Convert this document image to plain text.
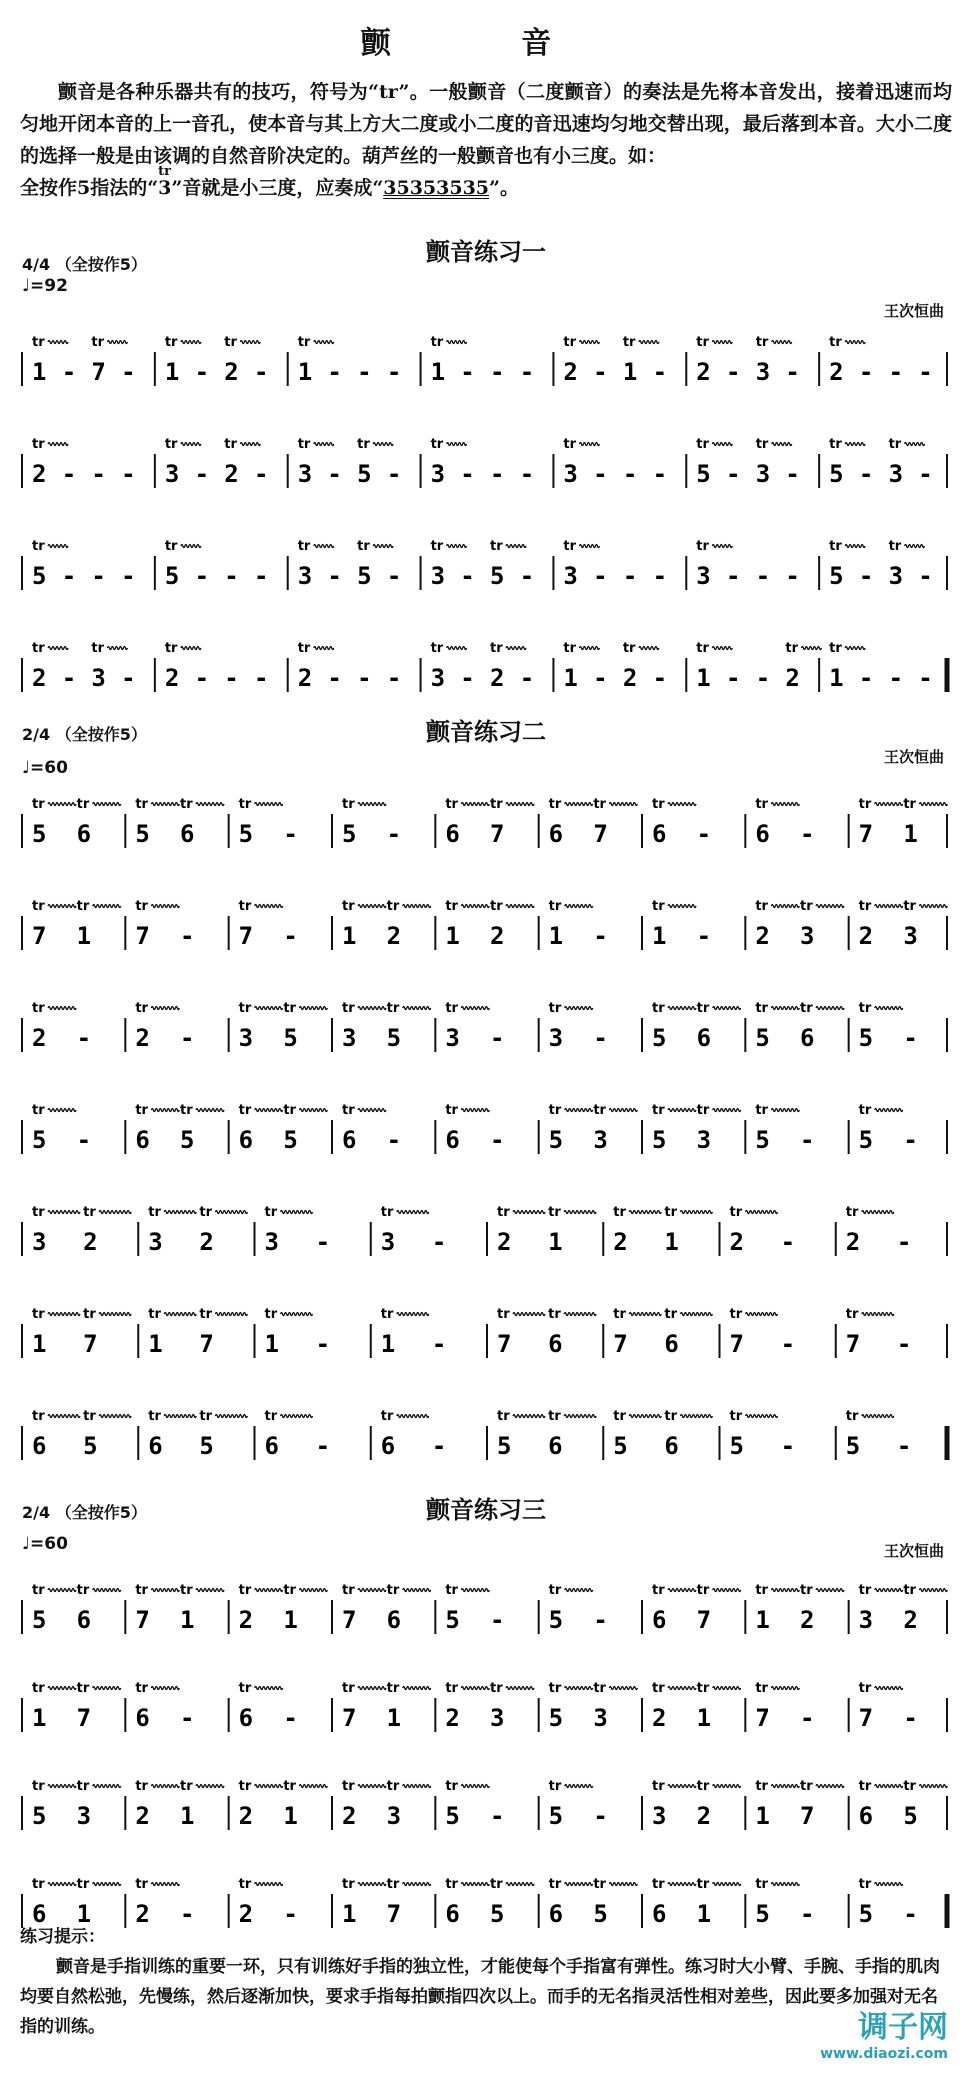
颤 音

颤音是各种乐器共有的技巧，符号为“tr”。一般颤音（二度颤音）的奏法是先将本音发出，接着迅速而均匀地开闭本音的上一音孔，使本音与其上方大二度或小二度的音迅速均匀地交替出现，最后落到本音。大小二度的选择一般是由该调的自然音阶决定的。葫芦丝的一般颤音也有小三度。如：

全按作5指法的“
tr
3”音就是小三度，应奏成“35353535”。

颤音练习一
4/4 （全按作5）
♩=92
王次恒曲
tr
1 -
tr
7 -
tr
1 -
tr
2 -
tr
1 - - -
tr
1 - - -
tr
2 -
tr
1 -
tr
2 -
tr
3 -
tr
2 - - -
tr
2 - - -
tr
3 -
tr
2 -
tr
3 -
tr
5 -
tr
3 - - -
tr
3 - - -
tr
5 -
tr
3 -
tr
5 -
tr
3 -
tr
5 - - -
tr
5 - - -
tr
3 -
tr
5 -
tr
3 -
tr
5 -
tr
3 - - -
tr
3 - - -
tr
5 -
tr
3 -
tr
2 -
tr
3 -
tr
2 - - -
tr
2 - - -
tr
3 -
tr
2 -
tr
1 -
tr
2 -
tr
1 - -
tr
2
tr
1 - - -
颤音练习二
2/4 （全按作5）
♩=60
王次恒曲
tr
5
tr
6
tr
5
tr
6
tr
5 -
tr
5 -
tr
6
tr
7
tr
6
tr
7
tr
6 -
tr
6 -
tr
7
tr
1
tr
7
tr
1
tr
7 -
tr
7 -
tr
1
tr
2
tr
1
tr
2
tr
1 -
tr
1 -
tr
2
tr
3
tr
2
tr
3
tr
2 -
tr
2 -
tr
3
tr
5
tr
3
tr
5
tr
3 -
tr
3 -
tr
5
tr
6
tr
5
tr
6
tr
5 -
tr
5 -
tr
6
tr
5
tr
6
tr
5
tr
6 -
tr
6 -
tr
5
tr
3
tr
5
tr
3
tr
5 -
tr
5 -
tr
3
tr
2
tr
3
tr
2
tr
3 -
tr
3 -
tr
2
tr
1
tr
2
tr
1
tr
2 -
tr
2 -
tr
1
tr
7
tr
1
tr
7
tr
1 -
tr
1 -
tr
7
tr
6
tr
7
tr
6
tr
7 -
tr
7 -
tr
6
tr
5
tr
6
tr
5
tr
6 -
tr
6 -
tr
5
tr
6
tr
5
tr
6
tr
5 -
tr
5 -
颤音练习三
2/4 （全按作5）
♩=60	王次恒曲
tr
5
tr
6
tr
7
tr
1
tr
2
tr
1
tr
7
tr
6
tr
5 -
tr
5 -
tr
6
tr
7
tr
1
tr
2
tr
3
tr
2
tr
1
tr
7
tr
6 -
tr
6 -
tr
7
tr
1
tr
2
tr
3
tr
5
tr
3
tr
2
tr
1
tr
7 -
tr
7 -
tr
5
tr
3
tr
2
tr
1
tr
2
tr
1
tr
2
tr
3
tr
5 -
tr
5 -
tr
3
tr
2
tr
1
tr
7
tr
6
tr
5
tr
6
tr
1
tr
2 -
tr
2 -
tr
1
tr
7
tr
6
tr
5
tr
6
tr
5
tr
6
tr
1
tr
5 -
tr
5 -
练习提示：

颤音是手指训练的重要一环，只有训练好手指的独立性，才能使每个手指富有弹性。练习时大小臂、手腕、手指的肌肉均要自然松弛，先慢练，然后逐渐加快，要求手指每拍颤指四次以上。而手的无名指灵活性相对差些，因此要多加强对无名指的训练。	调子网
www.diaozi.com
